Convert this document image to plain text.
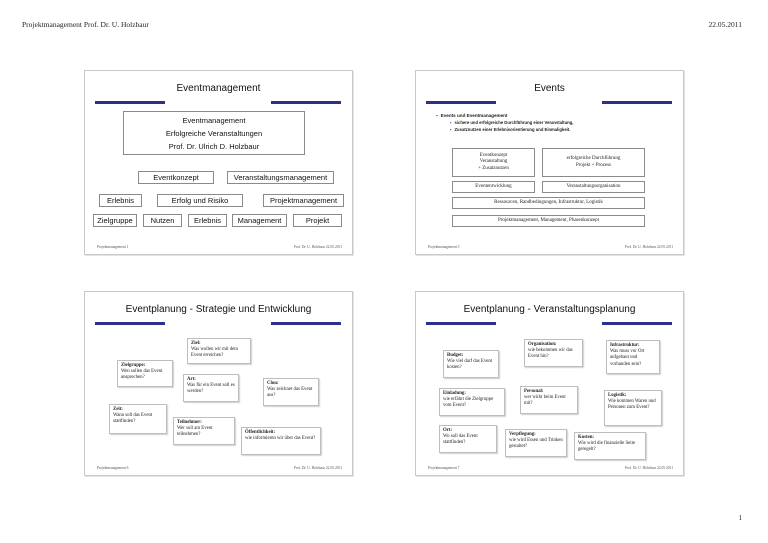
Projektmanagement Prof. Dr. U. Holzbaur	22.05.2011
Eventmanagement
Eventmanagement
Erfolgreiche Veranstaltungen
Prof. Dr. Ulrich D. Holzbaur
Eventkonzept	Veranstaltungsmanagement
Erlebnis	Erfolg und Risiko	Projektmanagement
Zielgruppe	Nutzen	Erlebnis	Management	Projekt
Projektmanagement 1	Prof. Dr. U. Holzbaur 22.05.2011
Events
▪ Events und Eventmanagement
▪ sichere und erfolgreiche Durchführung einer Veranstaltung,
▪ Zusatznutzen einer Erlebnisorientierung und Einmaligkeit.
Eventkonzept
Veranstaltung
+ Zusatznutzen
erfolgreiche Durchführung
Projekt + Prozess
Evententwicklung	Veranstaltungsorganisation
Ressourcen, Randbedingungen, Infrastruktur, Logistik
Projektmanagement, Management, Phasenkonzept
Projektmanagement 5	Prof. Dr. U. Holzbaur 22.05.2011
Eventplanung - Strategie und Entwicklung
Ziel:
Was wollen wir mit dem Event erreichen?
Zielgruppe:
Wen sollen das Event ansprechen?	Art:
Was für ein Event soll es werden?
Clou:
Was zeichnet das Event aus?
Zeit:
Wann soll das Event stattfinden?	Teilnehmer:
Wer soll am Event teilnehmen?	Öffentlichkeit:
wie informieren wir über das Event?
Projektmanagement 6	Prof. Dr. U. Holzbaur 22.05.2011
Eventplanung - Veranstaltungsplanung
Organisation:
wie bekommen wir das Event hin?
Infrastruktur:
Was muss vor Ort aufgebaut und vorhanden sein?
Budget:
Wie viel darf das Event kosten?
Personal:
wer wirkt beim Event mit?
Einladung:
wie erfährt die Zielgruppe vom Event?
Logistik:
Wie kommen Waren und Personen zum Event?
Ort:
Wo soll das Event stattfinden?
Verpflegung:
wie wird Essen und Trinken gestaltet?
Kosten:
Wie wird die finanzielle Seite geregelt?
Projektmanagement 7	Prof. Dr. U. Holzbaur 22.05.2011
1
